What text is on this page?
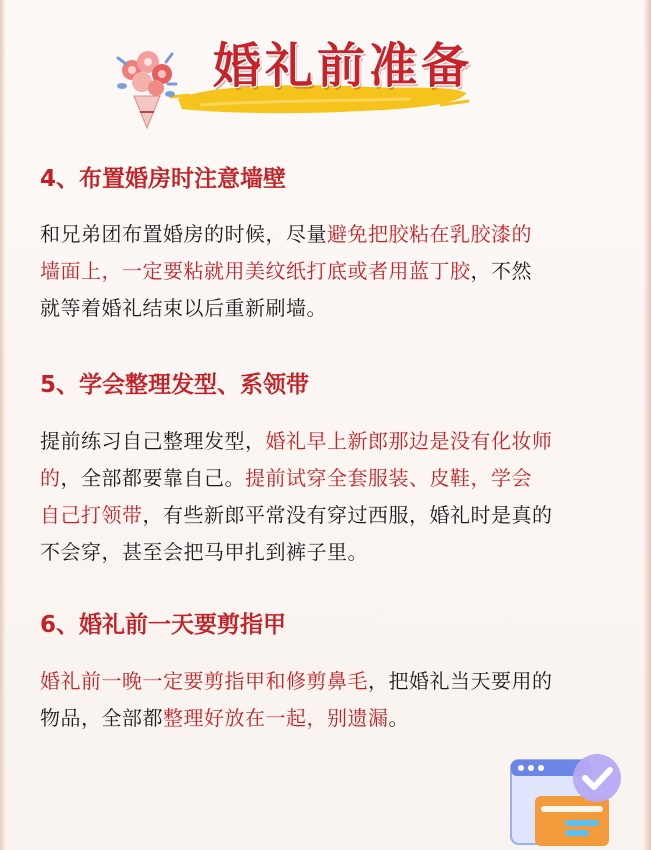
婚礼前准备
4、布置婚房时注意墙壁
和兄弟团布置婚房的时候，尽量避免把胶粘在乳胶漆的
墙面上，一定要粘就用美纹纸打底或者用蓝丁胶，不然
就等着婚礼结束以后重新刷墙。
5、学会整理发型、系领带
提前练习自己整理发型，婚礼早上新郎那边是没有化妆师
的，全部都要靠自己。提前试穿全套服装、皮鞋，学会
自己打领带，有些新郎平常没有穿过西服，婚礼时是真的
不会穿，甚至会把马甲扎到裤子里。
6、婚礼前一天要剪指甲
婚礼前一晚一定要剪指甲和修剪鼻毛，把婚礼当天要用的
物品，全部都整理好放在一起，别遗漏。
